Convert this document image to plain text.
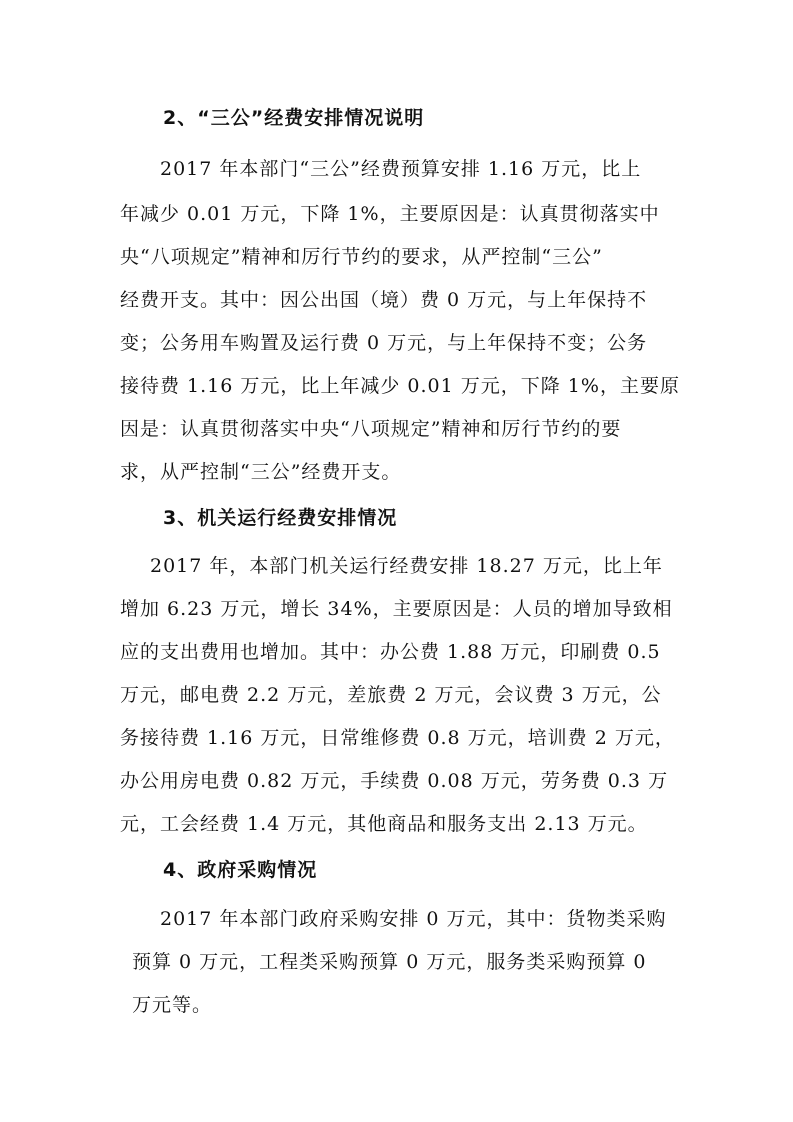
2、“三公”经费安排情况说明
2017 年本部门“三公”经费预算安排 1.16 万元，比上
年减少 0.01 万元，下降 1%，主要原因是：认真贯彻落实中
央“八项规定”精神和厉行节约的要求，从严控制“三公”
经费开支。其中：因公出国（境）费 0 万元，与上年保持不
变；公务用车购置及运行费 0 万元，与上年保持不变；公务
接待费 1.16 万元，比上年减少 0.01 万元，下降 1%，主要原
因是：认真贯彻落实中央“八项规定”精神和厉行节约的要
求，从严控制“三公”经费开支。
3、机关运行经费安排情况
2017 年，本部门机关运行经费安排 18.27 万元，比上年
增加 6.23 万元，增长 34%，主要原因是：人员的增加导致相
应的支出费用也增加。其中：办公费 1.88 万元，印刷费 0.5
万元，邮电费 2.2 万元，差旅费 2 万元，会议费 3 万元，公
务接待费 1.16 万元，日常维修费 0.8 万元，培训费 2 万元，
办公用房电费 0.82 万元，手续费 0.08 万元，劳务费 0.3 万
元，工会经费 1.4 万元，其他商品和服务支出 2.13 万元。
4、政府采购情况
2017 年本部门政府采购安排 0 万元，其中：货物类采购
预算 0 万元，工程类采购预算 0 万元，服务类采购预算 0
万元等。
